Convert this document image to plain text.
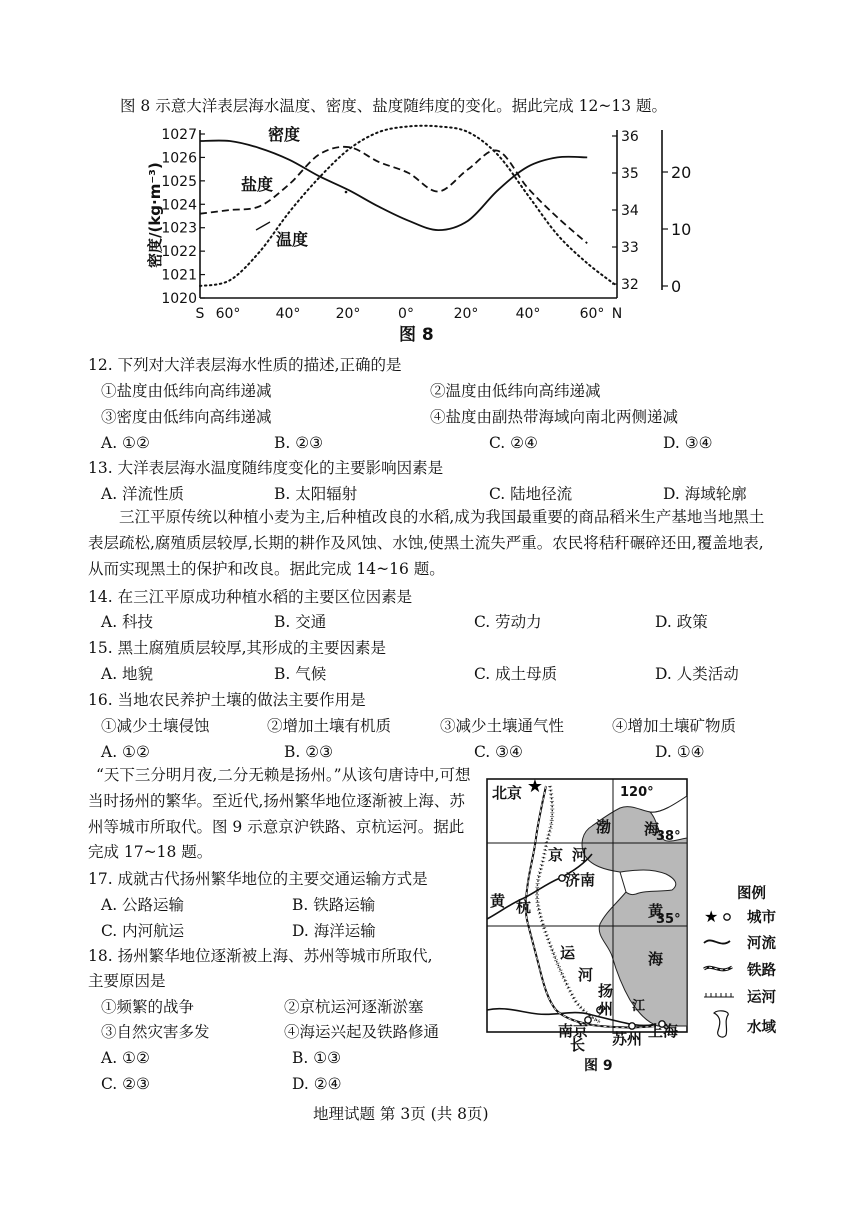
图 8 示意大洋表层海水温度、密度、盐度随纬度的变化。据此完成 12~13 题。
1027
1026
1025
1024
1023
1022
1021
1020
36
35
34
33
32
20
10
0
S 60°	40°	20°	0°	20°	40°	60° N
密度/(kg·m⁻³)
密度
盐度
温度
图 8
12. 下列对大洋表层海水性质的描述,正确的是
①盐度由低纬向高纬递减	②温度由低纬向高纬递减
③密度由低纬向高纬递减	④盐度由副热带海域向南北两侧递减
A. ①②	B. ②③	C. ②④	D. ③④
13. 大洋表层海水温度随纬度变化的主要影响因素是
A. 洋流性质	B. 太阳辐射	C. 陆地径流	D. 海域轮廓
三江平原传统以种植小麦为主,后种植改良的水稻,成为我国最重要的商品稻米生产基地当地黑土表层疏松,腐殖质层较厚,长期的耕作及风蚀、水蚀,使黑土流失严重。农民将秸秆碾碎还田,覆盖地表,从而实现黑土的保护和改良。据此完成 14~16 题。
14. 在三江平原成功种植水稻的主要区位因素是
A. 科技	B. 交通	C. 劳动力	D. 政策
15. 黑土腐殖质层较厚,其形成的主要因素是
A. 地貌	B. 气候	C. 成土母质	D. 人类活动
16. 当地农民养护土壤的做法主要作用是
①减少土壤侵蚀	②增加土壤有机质	③减少土壤通气性	④增加土壤矿物质
A. ①②	B. ②③	C. ③④	D. ①④
“天下三分明月夜,二分无赖是扬州。”从该句唐诗中,可想当时扬州的繁华。至近代,扬州繁华地位逐渐被上海、苏州等城市所取代。图 9 示意京沪铁路、京杭运河。据此完成 17~18 题。
17. 成就古代扬州繁华地位的主要交通运输方式是
A. 公路运输	B. 铁路运输
C. 内河航运	D. 海洋运输
18. 扬州繁华地位逐渐被上海、苏州等城市所取代,
主要原因是
①频繁的战争	②京杭运河逐渐淤塞
③自然灾害多发	④海运兴起及铁路修通
A. ①②	B. ①③
C. ②③	D. ②④
★
北京
济南
扬
州
南京 苏州 上海
渤 海
黄
海
黄
河
长
江
京
杭
运
河
120°
38°
35°
图 9
图例
★ 城市
河流
铁路
运河
水域
地理试题 第 3页 (共 8页)
